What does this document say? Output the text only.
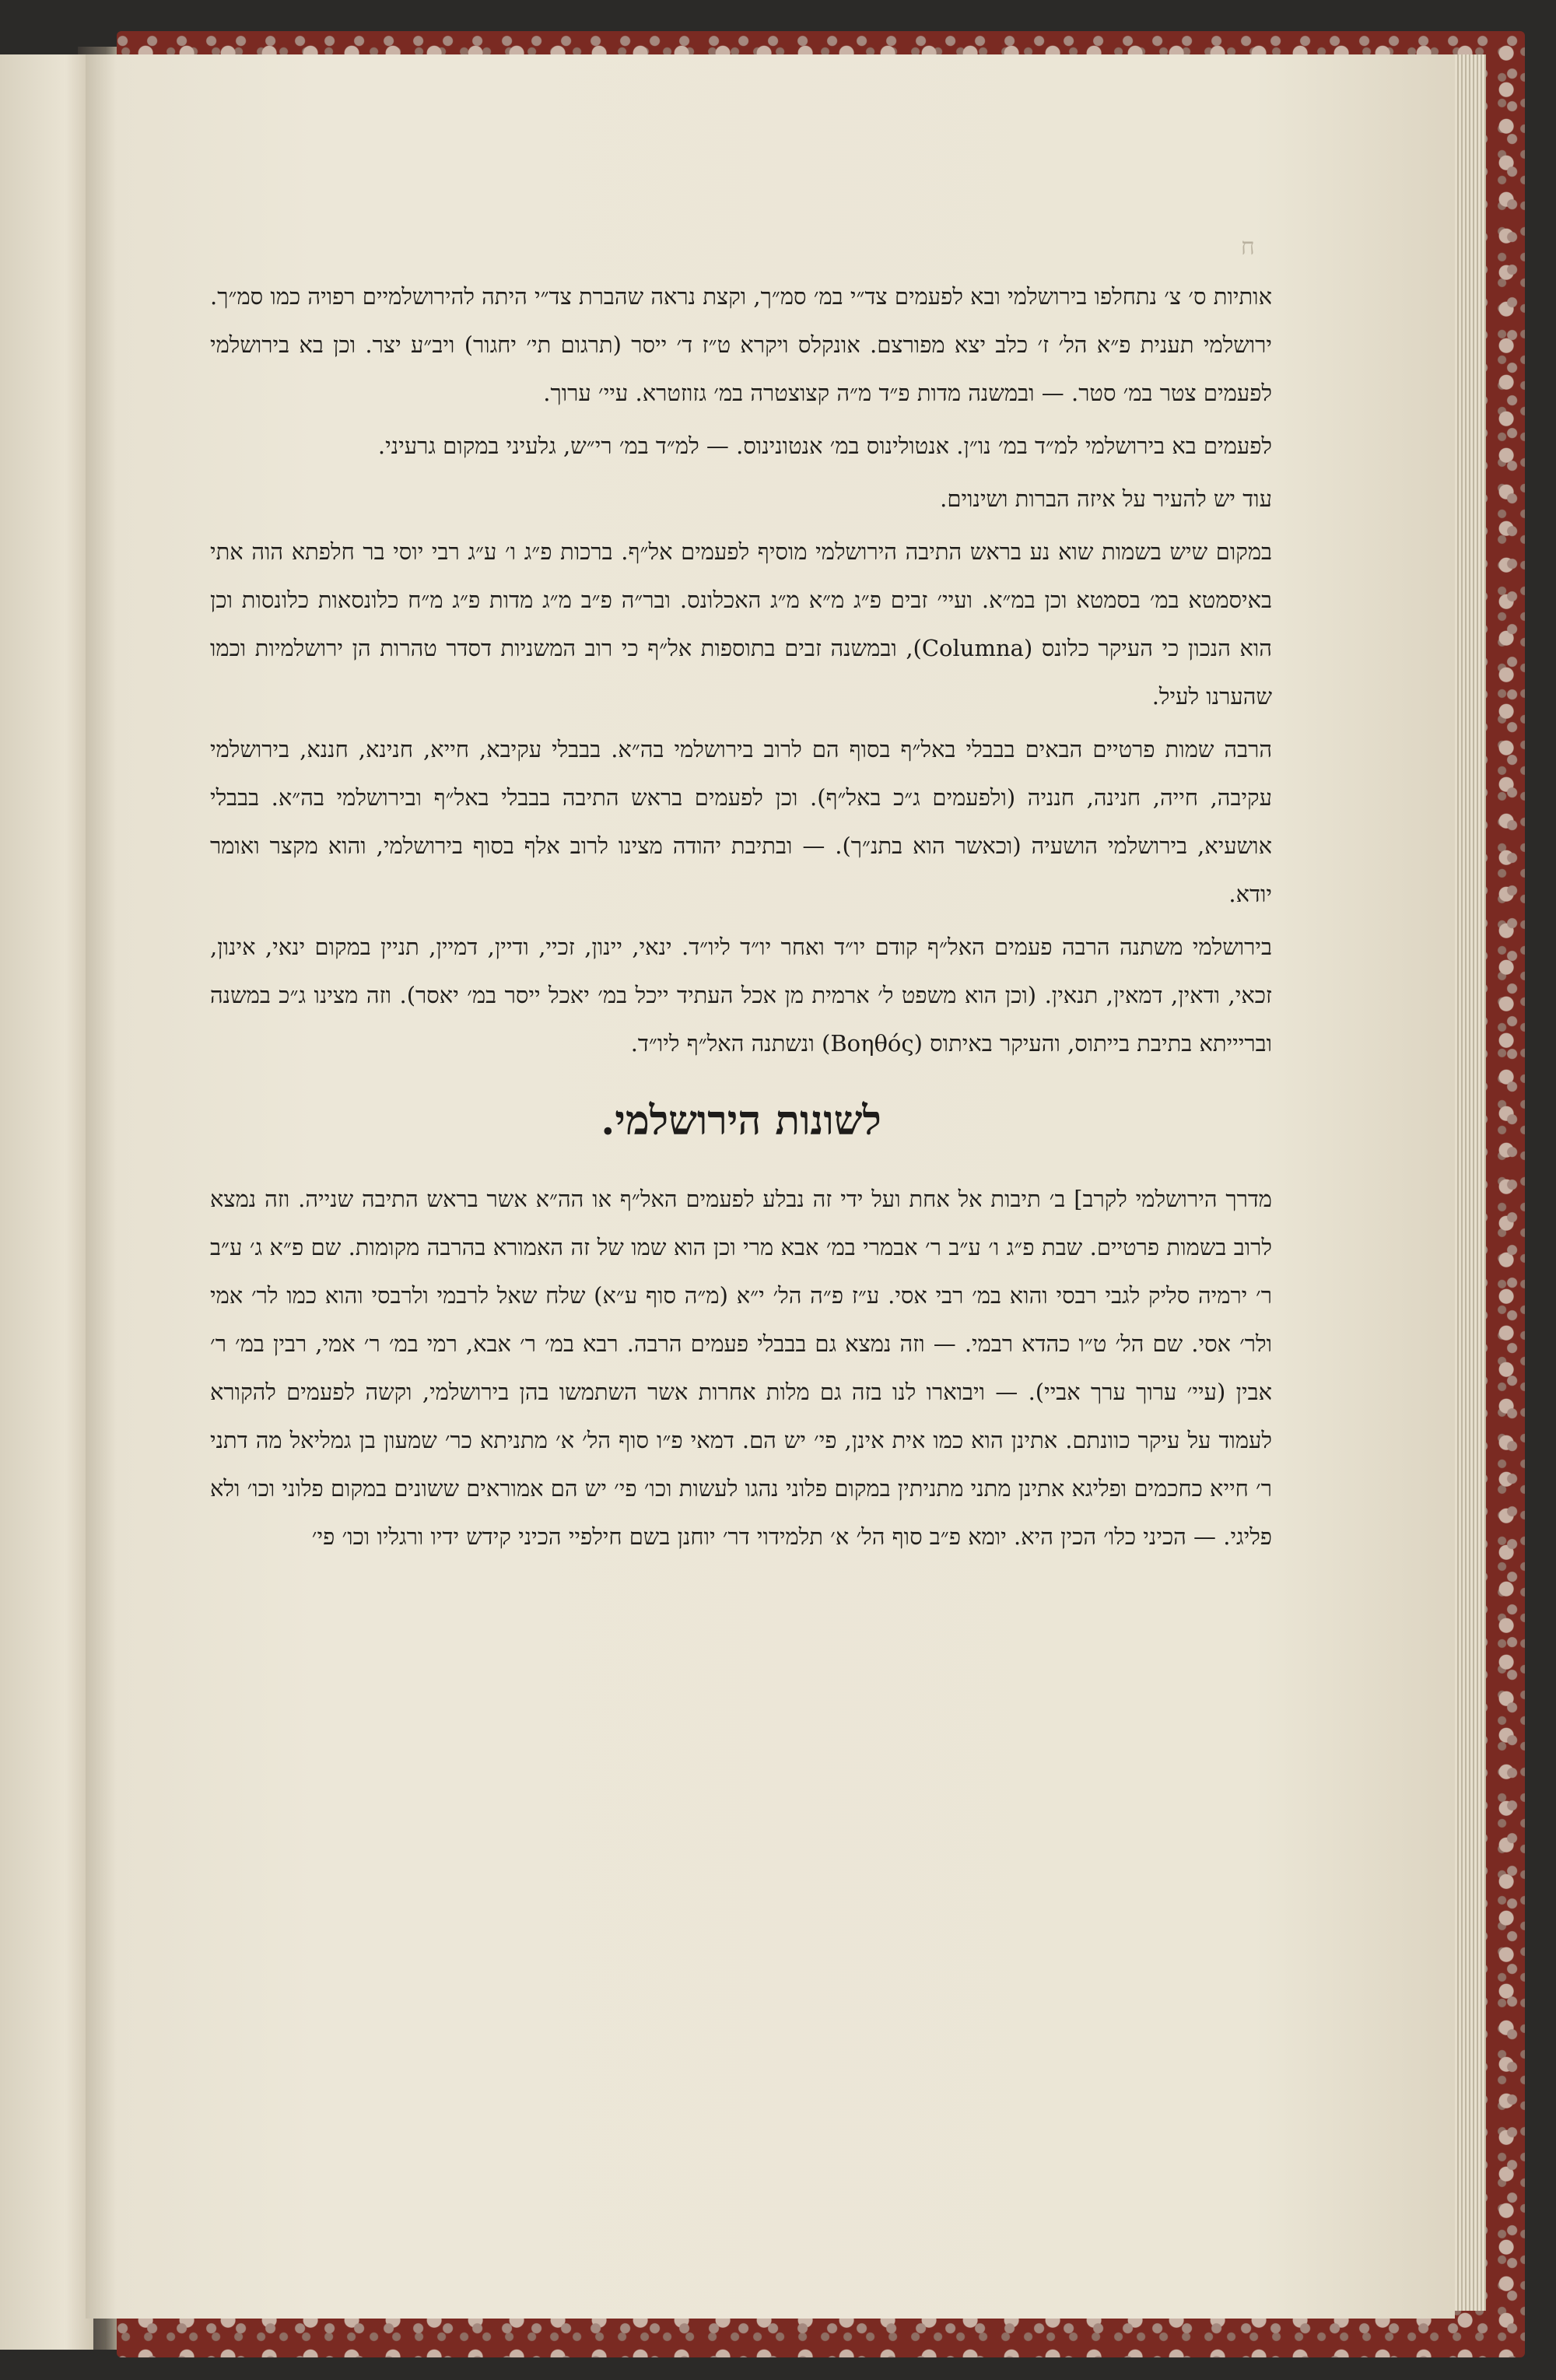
ח

אותיות ס׳ צ׳ נתחלפו בירושלמי ובא לפעמים צד״י במ׳ סמ״ך, וקצת נראה שהברת צד״י היתה להירושלמיים רפויה כמו סמ״ך. ירושלמי תענית פ״א הל׳ ז׳ כלב יצא מפורצם. אונקלס ויקרא ט״ז ד׳ ייסר (תרגום תי׳ יחגור) ויב״ע יצר. וכן בא בירושלמי לפעמים צטר במ׳ סטר. — ובמשנה מדות פ״ד מ״ה קצוצטרה במ׳ גזוזטרא. עיי׳ ערוך.

לפעמים בא בירושלמי למ״ד במ׳ נו״ן. אנטולינוס במ׳ אנטונינוס. — למ״ד במ׳ רי״ש, גלעיני במקום גרעיני.

עוד יש להעיר על איזה הברות ושינוים.

במקום שיש בשמות שוא נע בראש התיבה הירושלמי מוסיף לפעמים אל״ף. ברכות פ״ג ו׳ ע״ג רבי יוסי בר חלפתא הוה אתי באיסמטא במ׳ בסמטא וכן במ״א. ועיי׳ זבים פ״ג מ״א מ״ג האכלונס. ובר״ה פ״ב מ״ג מדות פ״ג מ״ח כלונסאות כלונסות וכן הוא הנכון כי העיקר כלונס (Columna), ובמשנה זבים בתוספות אל״ף כי רוב המשניות דסדר טהרות הן ירושלמיות וכמו שהערנו לעיל.

הרבה שמות פרטיים הבאים בבבלי באל״ף בסוף הם לרוב בירושלמי בה״א. בבבלי עקיבא, חייא, חנינא, חננא, בירושלמי עקיבה, חייה, חנינה, חנניה (ולפעמים ג״כ באל״ף). וכן לפעמים בראש התיבה בבבלי באל״ף ובירושלמי בה״א. בבבלי אושעיא, בירושלמי הושעיה (וכאשר הוא בתנ״ך). — ובתיבת יהודה מצינו לרוב אלף בסוף בירושלמי, והוא מקצר ואומר יודא.

בירושלמי משתנה הרבה פעמים האל״ף קודם יו״ד ואחר יו״ד ליו״ד. ינאי, יינון, זכיי, ודיין, דמיין, תניין במקום ינאי, אינון, זכאי, ודאין, דמאין, תנאין. (וכן הוא משפט ל׳ ארמית מן אכל העתיד ייכל במ׳ יאכל ייסר במ׳ יאסר). וזה מצינו ג״כ במשנה ובריייתא בתיבת בייתוס, והעיקר באיתוס (Βοηθός) ונשתנה האל״ף ליו״ד.

לשונות הירושלמי.

מדרך הירושלמי לקרב] ב׳ תיבות אל אחת ועל ידי זה נבלע לפעמים האל״ף או הה״א אשר בראש התיבה שנייה. וזה נמצא לרוב בשמות פרטיים. שבת פ״ג ו׳ ע״ב ר׳ אבמרי במ׳ אבא מרי וכן הוא שמו של זה האמורא בהרבה מקומות. שם פ״א ג׳ ע״ב ר׳ ירמיה סליק לגבי רבסי והוא במ׳ רבי אסי. ע״ז פ״ה הל׳ י״א (מ״ה סוף ע״א) שלח שאל לרבמי ולרבסי והוא כמו לר׳ אמי ולר׳ אסי. שם הל׳ ט״ו כהדא רבמי. — וזה נמצא גם בבבלי פעמים הרבה. רבא במ׳ ר׳ אבא, רמי במ׳ ר׳ אמי, רבין במ׳ ר׳ אבין (עיי׳ ערוך ערך אביי). — ויבוארו לנו בזה גם מלות אחרות אשר השתמשו בהן בירושלמי, וקשה לפעמים להקורא לעמוד על עיקר כוונתם. אתינן הוא כמו אית אינן, פי׳ יש הם. דמאי פ״ו סוף הל׳ א׳ מתניתא כר׳ שמעון בן גמליאל מה דתני ר׳ חייא כחכמים ופליגא אתינן מתני מתניתין במקום פלוני נהגו לעשות וכו׳ פי׳ יש הם אמוראים ששונים במקום פלוני וכו׳ ולא פליגי. — הכיני כלו׳ הכין היא. יומא פ״ב סוף הל׳ א׳ תלמידוי דר׳ יוחנן בשם חילפיי הכיני קידש ידיו ורגליו וכו׳ פי׳
